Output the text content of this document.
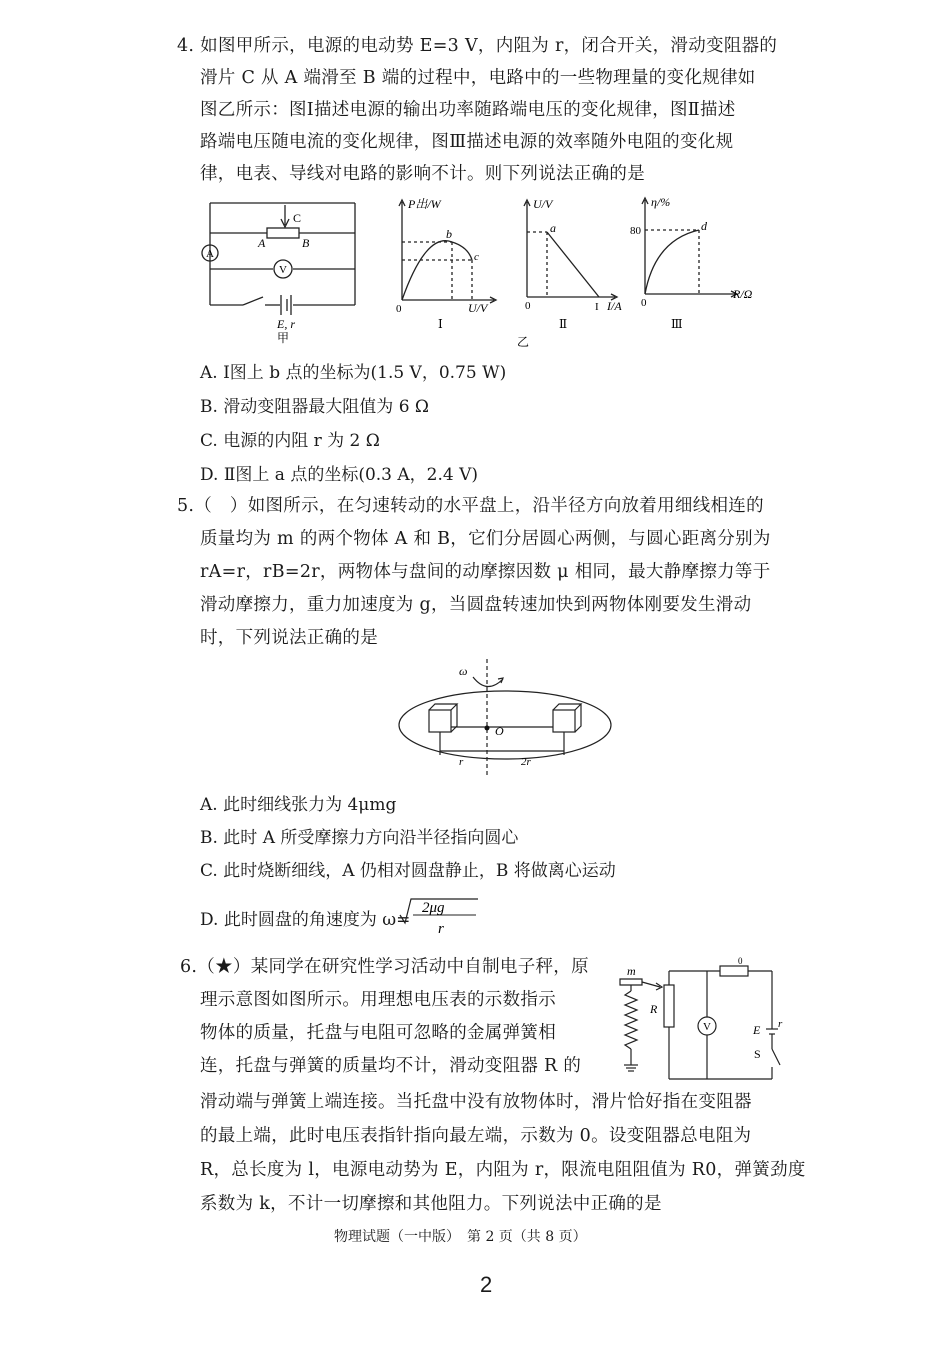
4. 如图甲所示，电源的电动势 E=3 V，内阻为 r，闭合开关，滑动变阻器的
滑片 C 从 A 端滑至 B 端的过程中，电路中的一些物理量的变化规律如
图乙所示：图Ⅰ描述电源的输出功率随路端电压的变化规律，图Ⅱ描述
路端电压随电流的变化规律，图Ⅲ描述电源的效率随外电阻的变化规
律，电表、导线对电路的影响不计。则下列说法正确的是
C
A	B
A
V
E, r
甲
P出/W
U/V
0
b
c
Ⅰ
U/V
I/A
0
a
I
Ⅱ
乙
η/%
R/Ω
0
80	d
Ⅲ
A. Ⅰ图上 b 点的坐标为(1.5 V，0.75 W)
B. 滑动变阻器最大阻值为 6 Ω
C. 电源的内阻 r 为 2 Ω
D. Ⅱ图上 a 点的坐标(0.3 A，2.4 V)
5.（　）如图所示，在匀速转动的水平盘上，沿半径方向放着用细线相连的
质量均为 m 的两个物体 A 和 B，它们分居圆心两侧，与圆心距离分别为
rA=r，rB=2r，两物体与盘间的动摩擦因数 μ 相同，最大静摩擦力等于
滑动摩擦力，重力加速度为 g，当圆盘转速加快到两物体刚要发生滑动
时，下列说法正确的是
ω
O
r	2r
A. 此时细线张力为 4μmg
B. 此时 A 所受摩擦力方向沿半径指向圆心
C. 此时烧断细线，A 仍相对圆盘静止，B 将做离心运动
D. 此时圆盘的角速度为 ω=
2μg
r
6.（★）某同学在研究性学习活动中自制电子秤，原
理示意图如图所示。用理想电压表的示数指示
物体的质量，托盘与电阻可忽略的金属弹簧相
连，托盘与弹簧的质量均不计，滑动变阻器 R 的
滑动端与弹簧上端连接。当托盘中没有放物体时，滑片恰好指在变阻器
的最上端，此时电压表指针指向最左端，示数为 0。设变阻器总电阻为
R，总长度为 l，电源电动势为 E，内阻为 r，限流电阻阻值为 R0，弹簧劲度
系数为 k，不计一切摩擦和其他阻力。下列说法中正确的是
m
R
V	E r
S
0
物理试题（一中版）　第 2 页（共 8 页）
2
